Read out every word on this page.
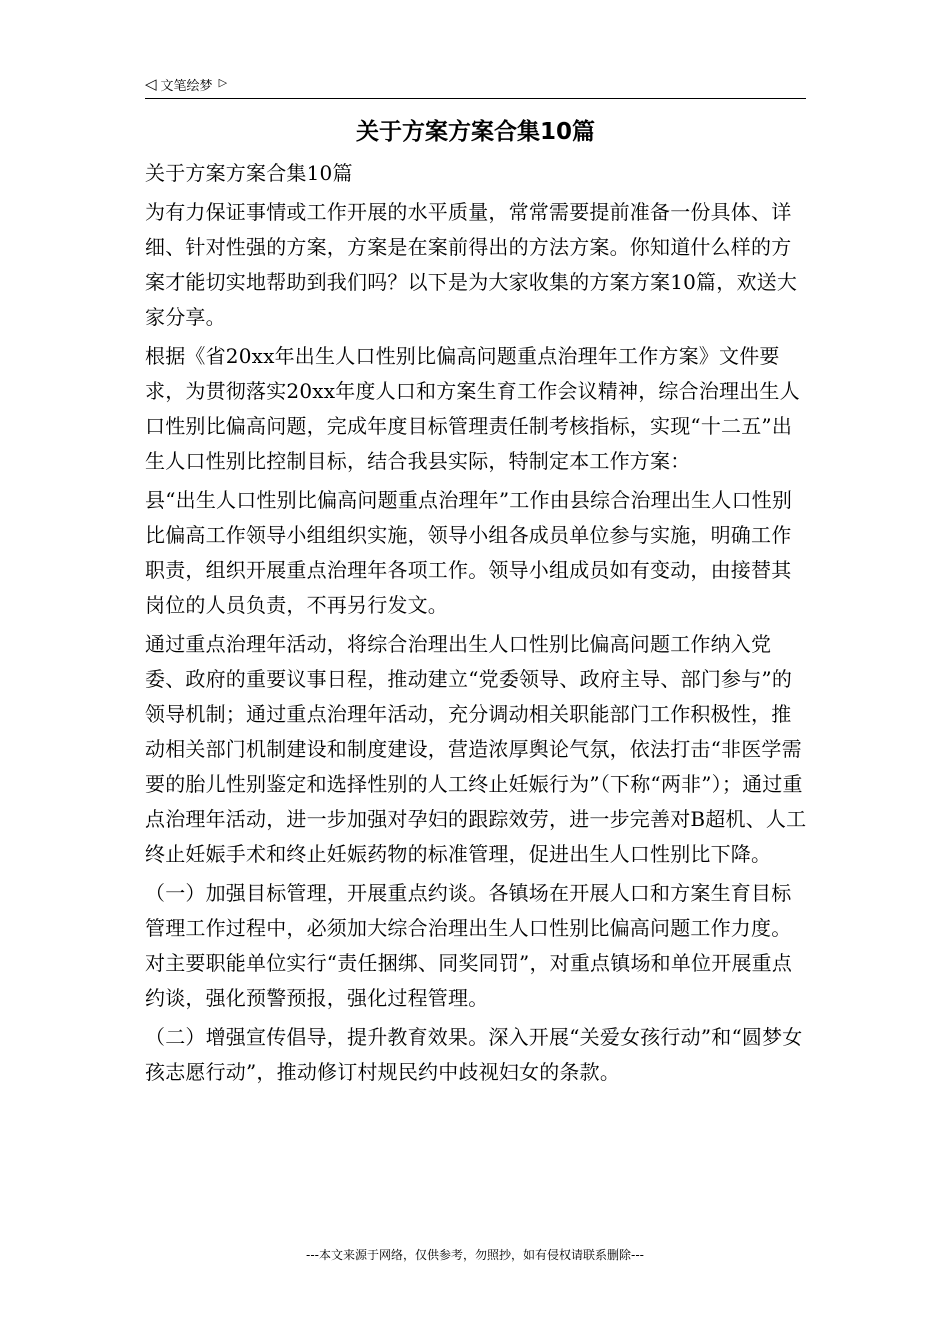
◁ 文笔绘梦 ▷
关于方案方案合集10篇

关于方案方案合集10篇

为有力保证事情或工作开展的水平质量，常常需要提前准备一份具体、详细、针对性强的方案，方案是在案前得出的方法方案。你知道什么样的方案才能切实地帮助到我们吗？以下是为大家收集的方案方案10篇，欢送大家分享。

根据《省20xx年出生人口性别比偏高问题重点治理年工作方案》文件要求，为贯彻落实20xx年度人口和方案生育工作会议精神，综合治理出生人口性别比偏高问题，完成年度目标管理责任制考核指标，实现“十二五”出生人口性别比控制目标，结合我县实际，特制定本工作方案：

县“出生人口性别比偏高问题重点治理年”工作由县综合治理出生人口性别比偏高工作领导小组组织实施，领导小组各成员单位参与实施，明确工作职责，组织开展重点治理年各项工作。领导小组成员如有变动，由接替其岗位的人员负责，不再另行发文。

通过重点治理年活动，将综合治理出生人口性别比偏高问题工作纳入党委、政府的重要议事日程，推动建立“党委领导、政府主导、部门参与”的领导机制；通过重点治理年活动，充分调动相关职能部门工作积极性，推动相关部门机制建设和制度建设，营造浓厚舆论气氛，依法打击“非医学需要的胎儿性别鉴定和选择性别的人工终止妊娠行为”（下称“两非”）；通过重点治理年活动，进一步加强对孕妇的跟踪效劳，进一步完善对B超机、人工终止妊娠手术和终止妊娠药物的标准管理，促进出生人口性别比下降。

（一）加强目标管理，开展重点约谈。各镇场在开展人口和方案生育目标管理工作过程中，必须加大综合治理出生人口性别比偏高问题工作力度。对主要职能单位实行“责任捆绑、同奖同罚”，对重点镇场和单位开展重点约谈，强化预警预报，强化过程管理。

（二）增强宣传倡导，提升教育效果。深入开展“关爱女孩行动”和“圆梦女孩志愿行动”，推动修订村规民约中歧视妇女的条款。

---本文来源于网络，仅供参考，勿照抄，如有侵权请联系删除---
